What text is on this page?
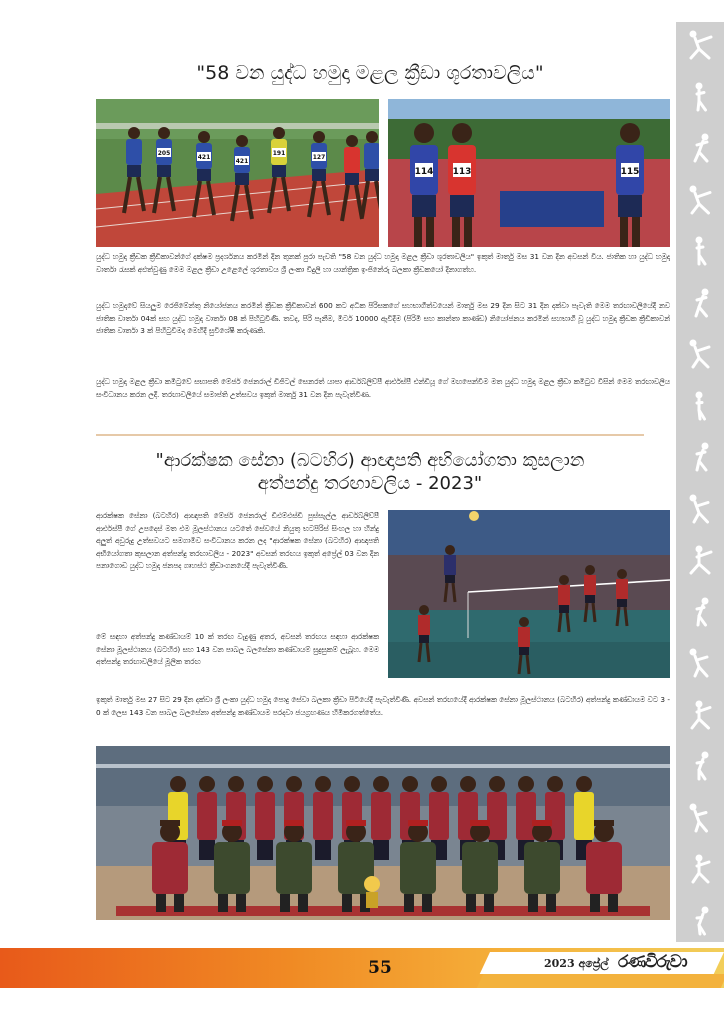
"58 වන යුද්ධ හමුදා මළල ක්‍රීඩා ශූරතාවලිය"
205
421
421
191
127
114 113	115

යුද්ධ හමුදා ක්‍රීඩක ක්‍රීඩිකාවන්ගේ දක්ෂම ප්‍රදර්ශනය කරමින් දින තුනක් පුරා පැවති "58 වන යුද්ධ හමුදා මළල ක්‍රීඩා ශූරතාවලිය" ඉකුත් මාර්තු මස 31 වන දින අවසන් විය. ජාතික හා යුද්ධ හමුදා වාර්තා රැසක් අළුත්වුණු මෙම මළල ක්‍රීඩා උළෙලේ ශූරතාවය ශ්‍රී ලංකා විදුලි හා යාන්ත්‍රික ඉංජිනේරු බලකා ක්‍රීඩකයෝ දිනාගත්හ.

යුද්ධ හමුදාවේ සියලුම රෙජිමේන්තු නියෝජනය කරමින් ක්‍රීඩක ක්‍රීඩිකාවන් 600 කට අධික පිරිසකගේ සහභාගීත්වයෙන් මාර්තු මස 29 දින සිට 31 දින දක්වා පැවැති මෙම තරඟාවලියේදී නව ජාතික වාර්තා 04ක් සහ යුද්ධ හමුදා වාර්තා 08 ක් පිහිටුවිණි. තවද, පිරි පැනීම, මීටර් 10000 ඇවිදීම (පිරිමි සහ කාන්තා කාණ්ඩ) නියෝජනය කරමින් සහභාගී වූ යුද්ධ හමුදා ක්‍රීඩක ක්‍රීඩිකාවන් ජාතික වාර්තා 3 ක් පිහිටුවීමද මෙහිදී සුවිශේෂී කරුණකි.

යුද්ධ හමුදා මළල ක්‍රීඩා කමිටුවේ සභාපති මේජර් ජෙනරාල් ඩිජිටල් සෙනරත් යාපා ආර්ඩබ්ලිව්පී ආර්එස්පී එන්ඩියූ ගේ මඟපෙන්වීම මත යුද්ධ හමුදා මළල ක්‍රීඩා කමිටුව විසින් මෙම තරඟාවලිය සංවිධානය කරන ලදී. තරඟාවලියේ සමාප්ති උත්සවය ඉකුත් මාර්තු 31 වන දින පැවැත්විණ.

"ආරක්ෂක සේනා (බටහිර) ආඥාපති අභියෝගතා කුසලාන
අත්පන්දු තරඟාවලිය - 2023"

ආරක්ෂක සේනා (බටහිර) ආඥාපති මේජර් ජෙනරාල් ඩීඑම්එස්ඩී පුස්සැල්ල ආර්ඩබ්ලිව්පී ආර්එස්පී ගේ උපදෙස් මත එම මූලස්ථානය යටතේ සේවයේ නියුතු භටපිරිස් සිංහල හා හින්දු අලුත් අවුරුදු උත්සවයට සමගාමීව සංවිධානය කරන ලද "ආරක්ෂක සේනා (බටහිර) ආඥාපති අභියෝගතා කුසලාන අත්පන්දු තරඟාවලිය - 2023" අවසන් තරඟය ඉකුත් අප්‍රේල් 03 වන දින පනාගොඩ යුද්ධ හමුදා ජනපද ගෘහස්ථ ක්‍රීඩාංගනයේදී පැවැත්විණි.

මේ සඳහා අත්පන්දු කණ්ඩායම් 10 ක් තරඟ වැදුණු අතර, අවසන් තරඟය සඳහා ආරක්ෂක සේනා මූලස්ථානය (බටහිර) සහ 143 වන පාබල බලසේනා කණ්ඩායම් සුදුසුකම් ලැබූහ. මෙම අත්පන්දු තරඟාවලියේ මූලික තරඟ

ඉකුත් මාර්තු මස 27 සිට 29 දින දක්වා ශ්‍රී ලංකා යුද්ධ හමුදා පොදු සේවා බලකා ක්‍රීඩා පිටියේදී පැවැත්විණි. අවසන් තරඟයේදී ආරක්ෂක සේනා මූලස්ථානය (බටහිර) අත්පන්දු කණ්ඩායම වට 3 - 0 ක් ලෙස 143 වන පාබල බලසේනා අත්පන්දු කණ්ඩායම පරදවා ජයග්‍රහණය හිමිකරගත්තේය.

55	2023 අප්‍රේල් රණවිරුවා
